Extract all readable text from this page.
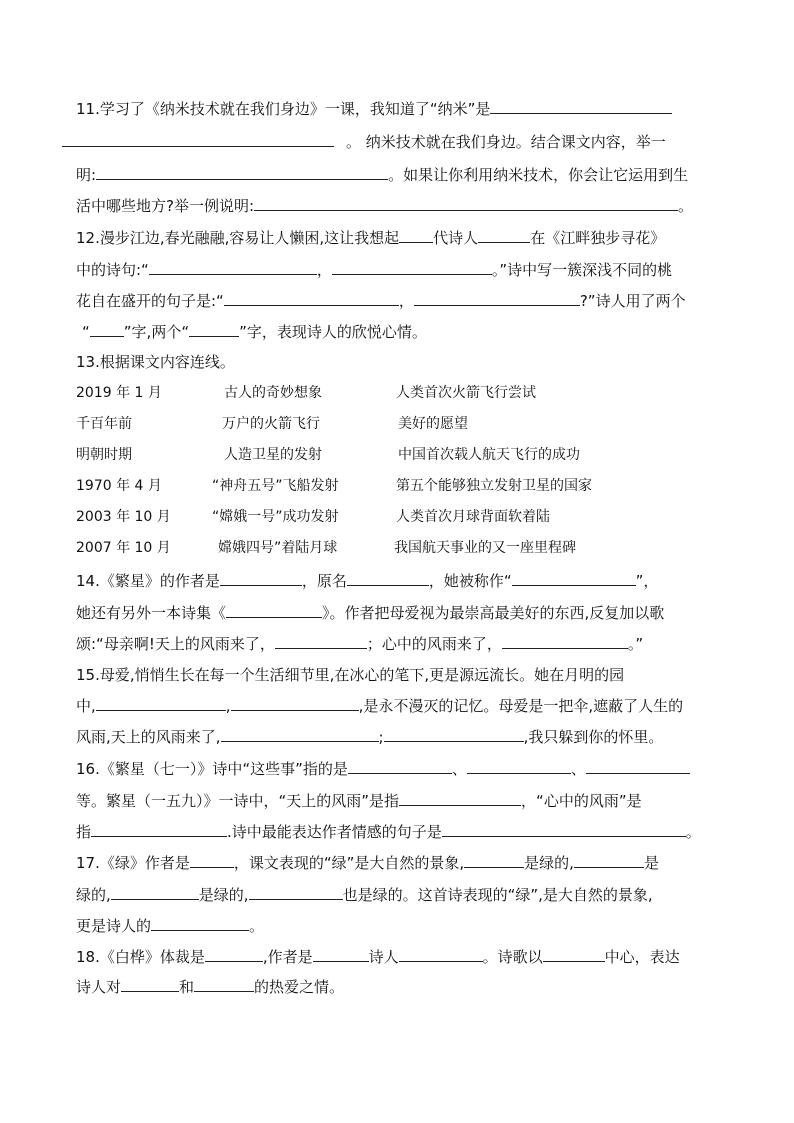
11.学习了《纳米技术就在我们身边》一课，我知道了“纳米”是
。 纳米技术就在我们身边。结合课文内容，举一
明:	。如果让你利用纳米技术，你会让它运用到生
活中哪些地方?举一例说明:	。
12.漫步江边,春光融融,容易让人懒困,这让我想起 代诗人	在《江畔独步寻花》
中的诗句:“	，	。”诗中写一簇深浅不同的桃
花自在盛开的句子是:“	，	?”诗人用了两个
“ ”字,两个“	”字，表现诗人的欣悦心情。
13.根据课文内容连线。
2019 年 1 月	古人的奇妙想象	人类首次火箭飞行尝试
千百年前	万户的火箭飞行	美好的愿望
明朝时期	人造卫星的发射	中国首次载人航天飞行的成功
1970 年 4 月	“神舟五号”飞船发射	第五个能够独立发射卫星的国家
2003 年 10 月	“嫦娥一号”成功发射	人类首次月球背面软着陆
2007 年 10 月	嫦娥四号”着陆月球	我国航天事业的又一座里程碑
14.《繁星》的作者是	，原名	，她被称作“	”，
她还有另外一本诗集《	》。作者把母爱视为最崇高最美好的东西,反复加以歌
颂:“母亲啊!天上的风雨来了，	；心中的风雨来了，	。”
15.母爱,悄悄生长在每一个生活细节里,在冰心的笔下,更是源远流长。她在月明的园
中,	,	,是永不漫灭的记忆。母爱是一把伞,遮蔽了人生的
风雨,天上的风雨来了,	;	,我只躲到你的怀里。
16.《繁星（七一）》诗中“这些事”指的是	、	、
等。繁星（一五九）》一诗中，“天上的风雨”是指	，“心中的风雨”是
指	.诗中最能表达作者情感的句子是	。
17.《绿》作者是	，课文表现的“绿”是大自然的景象,	是绿的,	是
绿的,	是绿的,	也是绿的。这首诗表现的“绿”,是大自然的景象,
更是诗人的	。
18.《白桦》体裁是	,作者是	诗人	。诗歌以	中心，表达
诗人对	和	的热爱之情。
